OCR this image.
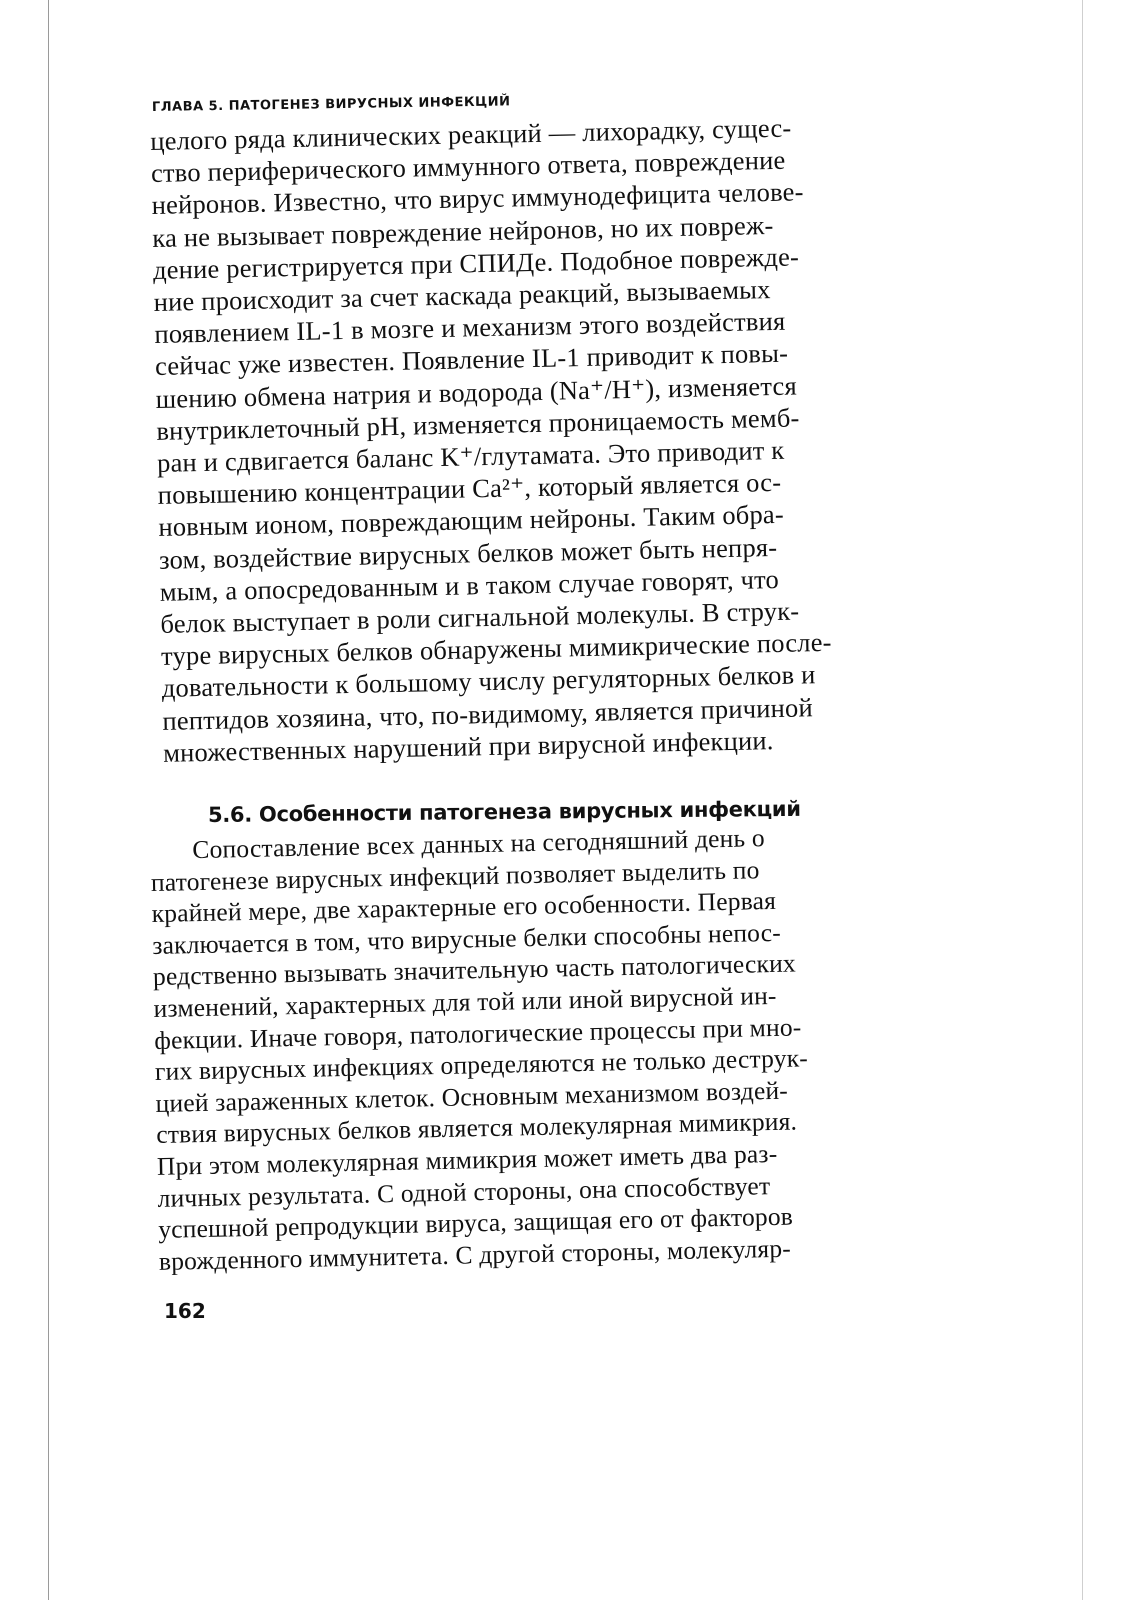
ГЛАВА 5. ПАТОГЕНЕЗ ВИРУСНЫХ ИНФЕКЦИЙ
целого ряда клинических реакций — лихорадку, сущес-
ство периферического иммунного ответа, повреждение
нейронов. Известно, что вирус иммунодефицита челове-
ка не вызывает повреждение нейронов, но их повреж-
дение регистрируется при СПИДе. Подобное поврежде-
ние происходит за счет каскада реакций, вызываемых
появлением IL-1 в мозге и механизм этого воздействия
сейчас уже известен. Появление IL-1 приводит к повы-
шению обмена натрия и водорода (Na⁺/H⁺), изменяется
внутриклеточный pH, изменяется проницаемость мемб-
ран и сдвигается баланс K⁺/глутамата. Это приводит к
повышению концентрации Ca²⁺, который является ос-
новным ионом, повреждающим нейроны. Таким обра-
зом, воздействие вирусных белков может быть непря-
мым, а опосредованным и в таком случае говорят, что
белок выступает в роли сигнальной молекулы. В струк-
туре вирусных белков обнаружены мимикрические после-
довательности к большому числу регуляторных белков и
пептидов хозяина, что, по-видимому, является причиной
множественных нарушений при вирусной инфекции.
5.6. Особенности патогенеза вирусных инфекций
Сопоставление всех данных на сегодняшний день о
патогенезе вирусных инфекций позволяет выделить по
крайней мере, две характерные его особенности. Первая
заключается в том, что вирусные белки способны непос-
редственно вызывать значительную часть патологических
изменений, характерных для той или иной вирусной ин-
фекции. Иначе говоря, патологические процессы при мно-
гих вирусных инфекциях определяются не только деструк-
цией зараженных клеток. Основным механизмом воздей-
ствия вирусных белков является молекулярная мимикрия.
При этом молекулярная мимикрия может иметь два раз-
личных результата. С одной стороны, она способствует
успешной репродукции вируса, защищая его от факторов
врожденного иммунитета. С другой стороны, молекуляр-
162
